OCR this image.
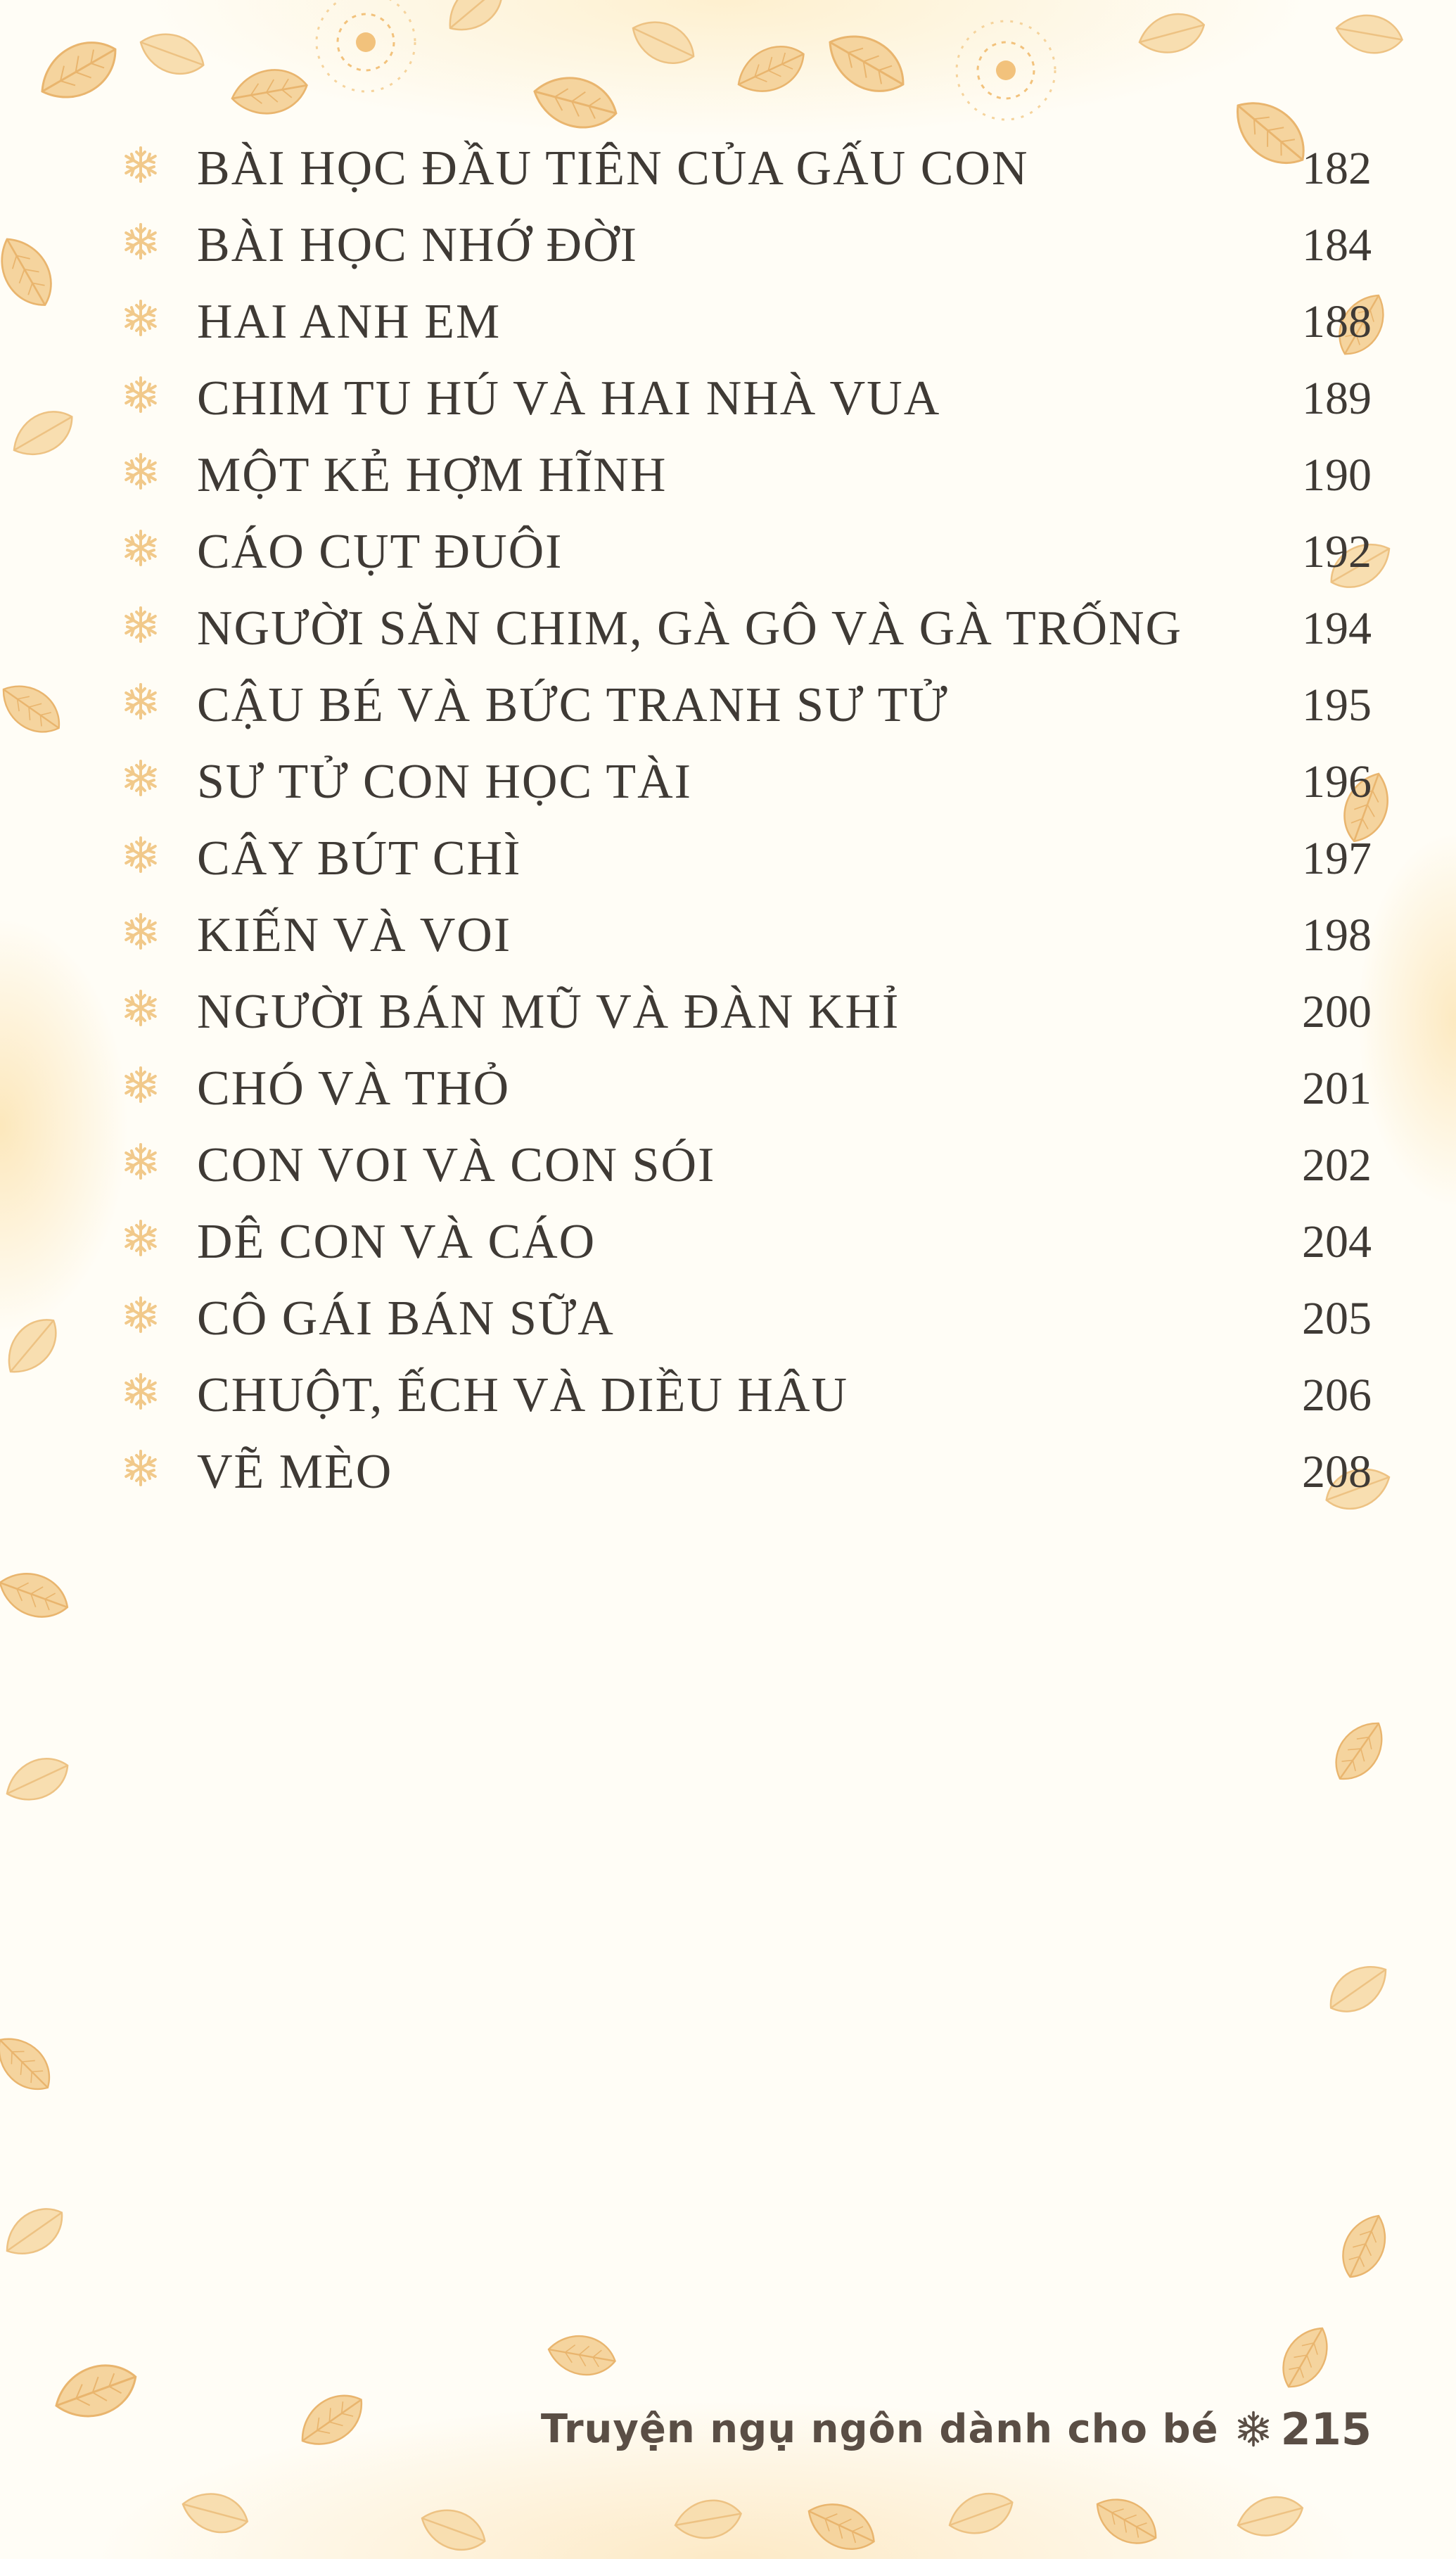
BÀI HỌC ĐẦU TIÊN CỦA GẤU CON	182
BÀI HỌC NHỚ ĐỜI	184
HAI ANH EM	188
CHIM TU HÚ VÀ HAI NHÀ VUA	189
MỘT KẺ HỢM HĨNH	190
CÁO CỤT ĐUÔI	192
NGƯỜI SĂN CHIM, GÀ GÔ VÀ GÀ TRỐNG	194
CẬU BÉ VÀ BỨC TRANH SƯ TỬ	195
SƯ TỬ CON HỌC TÀI	196
CÂY BÚT CHÌ	197
KIẾN VÀ VOI	198
NGƯỜI BÁN MŨ VÀ ĐÀN KHỈ	200
CHÓ VÀ THỎ	201
CON VOI VÀ CON SÓI	202
DÊ CON VÀ CÁO	204
CÔ GÁI BÁN SỮA	205
CHUỘT, ẾCH VÀ DIỀU HÂU	206
VẼ MÈO	208
Truyện ngụ ngôn dành cho bé 215
